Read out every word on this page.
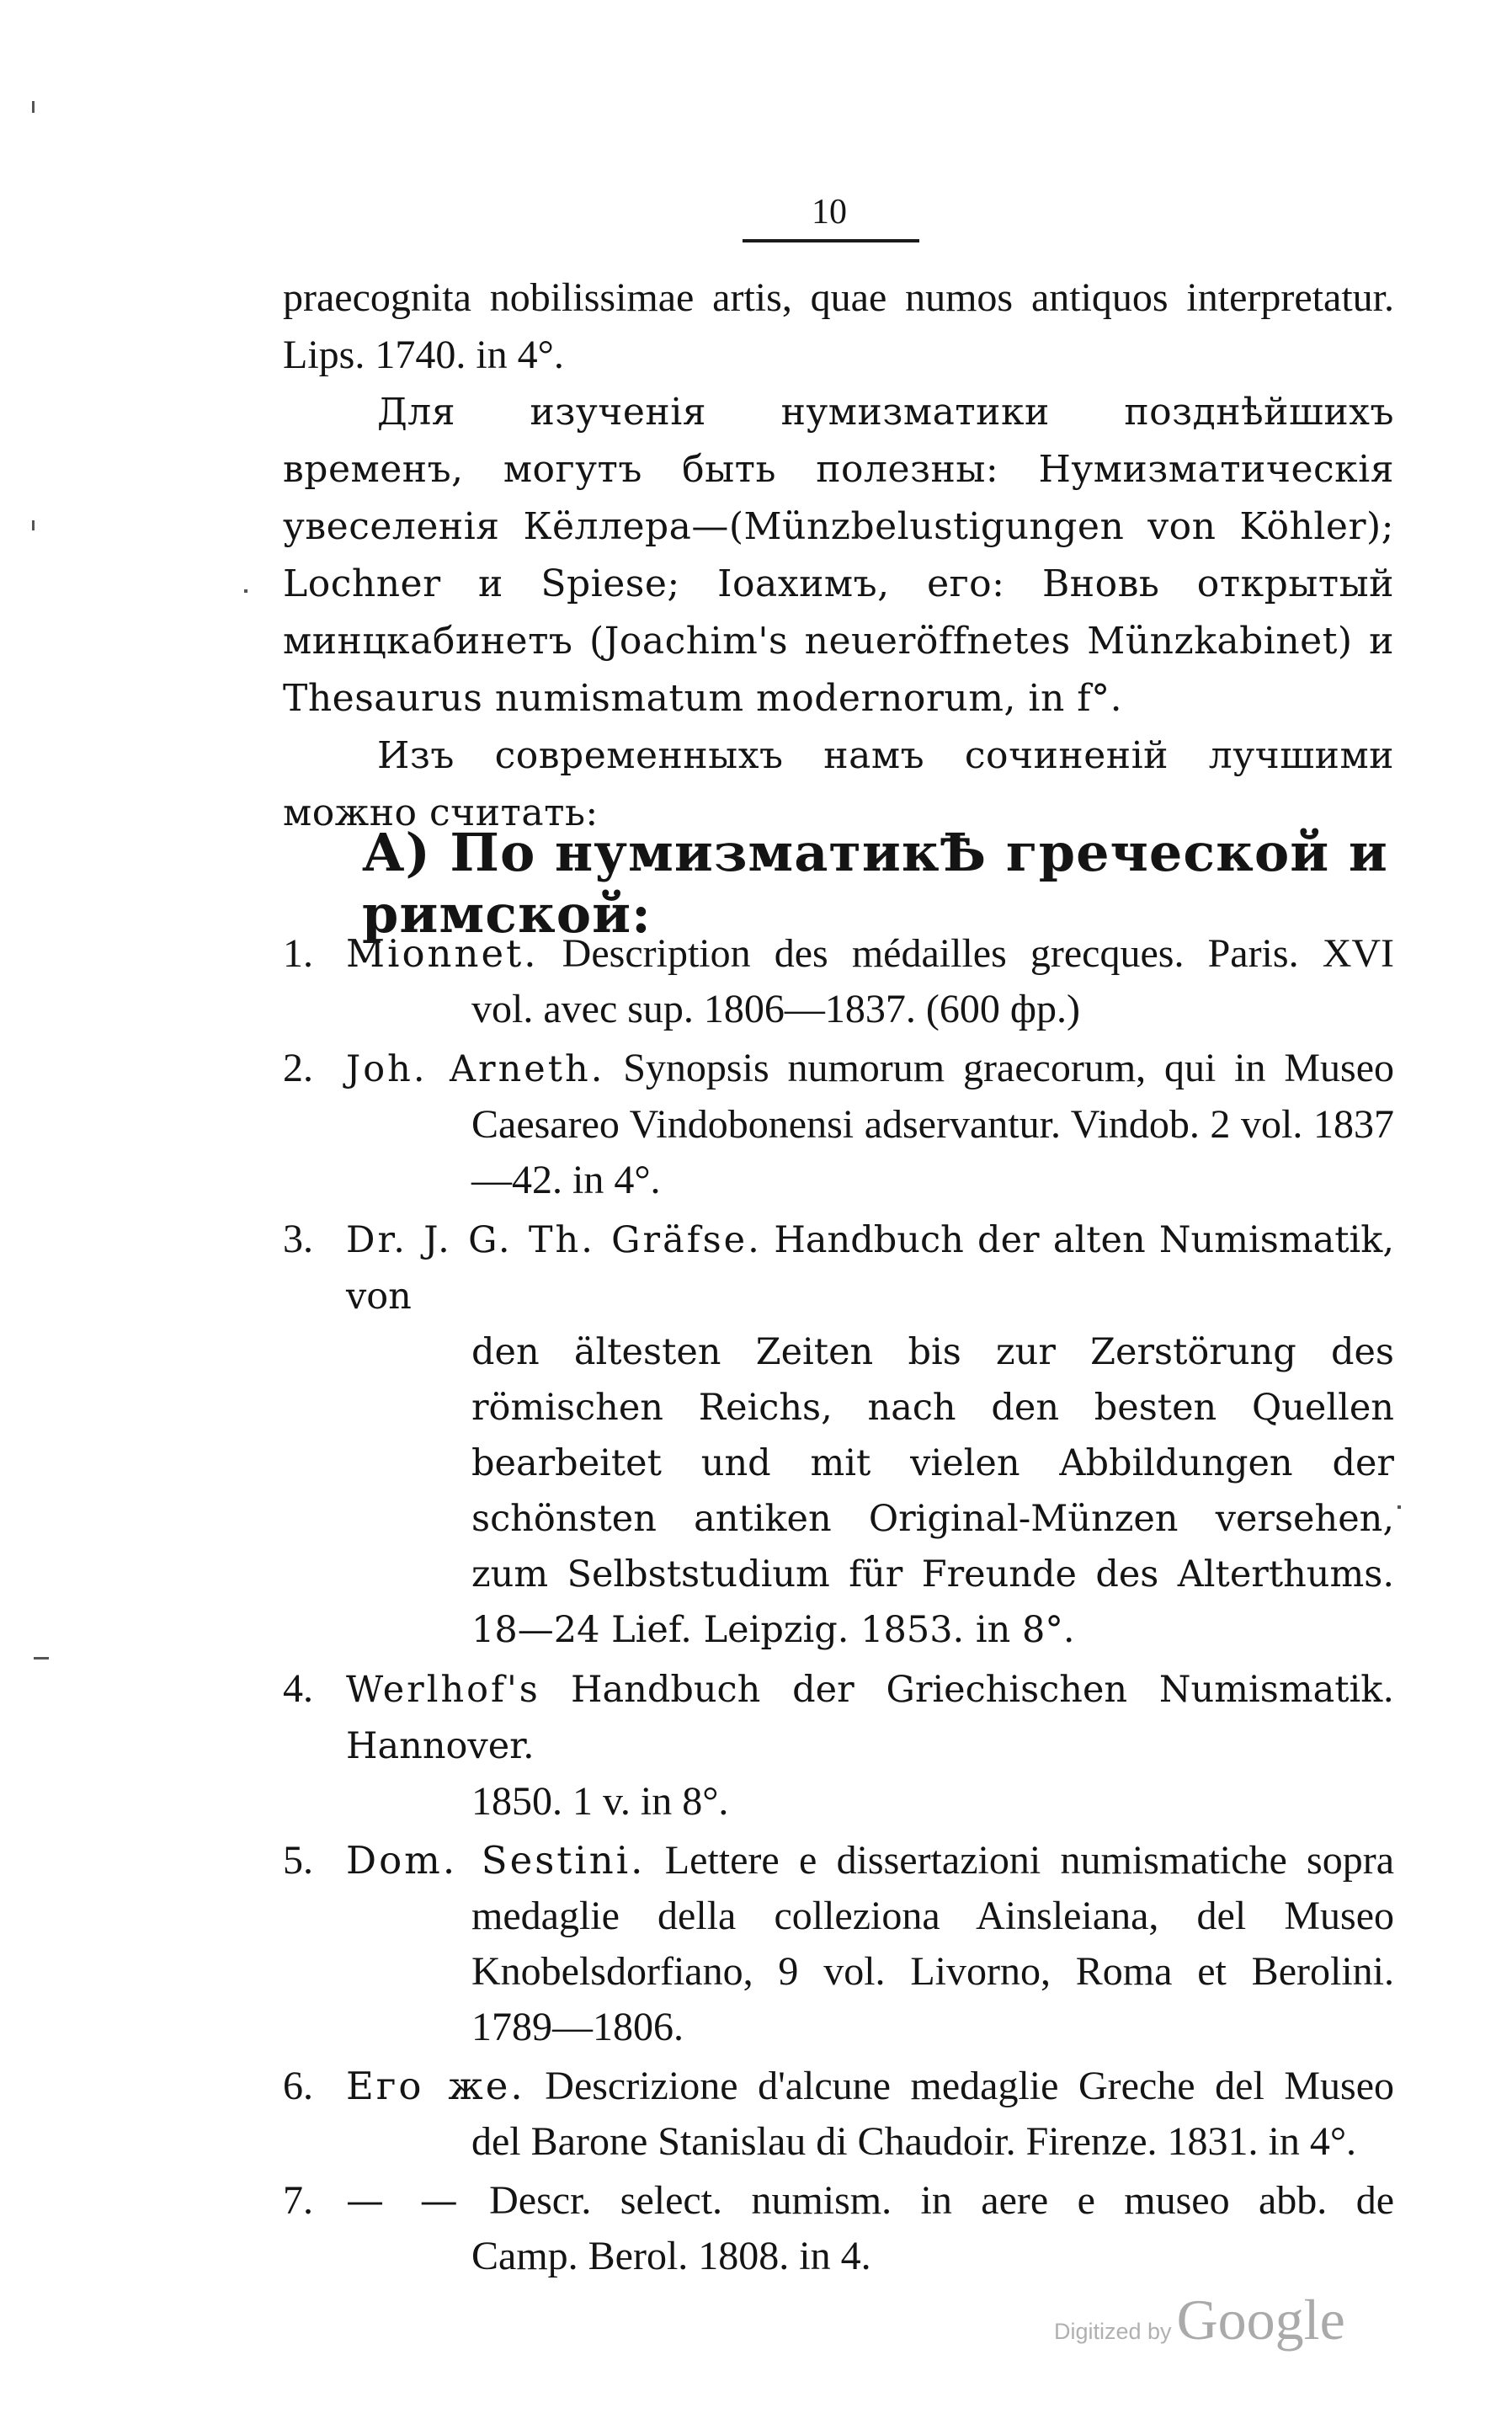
10

praecognita nobilissimae artis, quae numos antiquos interpretatur. Lips. 1740. in 4°.

Для изученія нумизматики позднѣйшихъ временъ, могутъ быть полезны: Нумизматическія увеселенія Кёллера—(Münzbelustigungen von Köhler); Lochner и Spiese; Іоахимъ, его: Вновь открытый минцкабинетъ (Joachim's neueröffnetes Münzkabinet) и Thesaurus numismatum modernorum, in f°.

Изъ современныхъ намъ сочиненій лучшими можно считать:

А) По нумизматикѢ греческой и римской:
1. Mionnet. Description des médailles grecques. Paris. XVI
vol. avec sup. 1806—1837. (600 фр.)
2. Joh. Arneth. Synopsis numorum graecorum, qui in Museo
Caesareo Vindobonensi adservantur. Vindob. 2 vol. 1837—42. in 4°.
3. Dr. J. G. Th. Gräfse. Handbuch der alten Numismatik, von
den ältesten Zeiten bis zur Zerstörung des römischen Reichs, nach den besten Quellen bearbeitet und mit vielen Abbildungen der schönsten antiken Original-Münzen versehen, zum Selbststudium für Freunde des Alterthums. 18—24 Lief. Leipzig. 1853. in 8°.
4. Werlhof's Handbuch der Griechischen Numismatik. Hannover.
1850. 1 v. in 8°.
5. Dom. Sestini. Lettere e dissertazioni numismatiche sopra
medaglie della colleziona Ainsleiana, del Museo Knobelsdorfiano, 9 vol. Livorno, Roma et Berolini. 1789—1806.
6. Его же. Descrizione d'alcune medaglie Greche del Museo
del Barone Stanislau di Chaudoir. Firenze. 1831. in 4°.
7. — — Descr. select. numism. in aere e museo abb. de
Camp. Berol. 1808. in 4.
Digitized by Google
